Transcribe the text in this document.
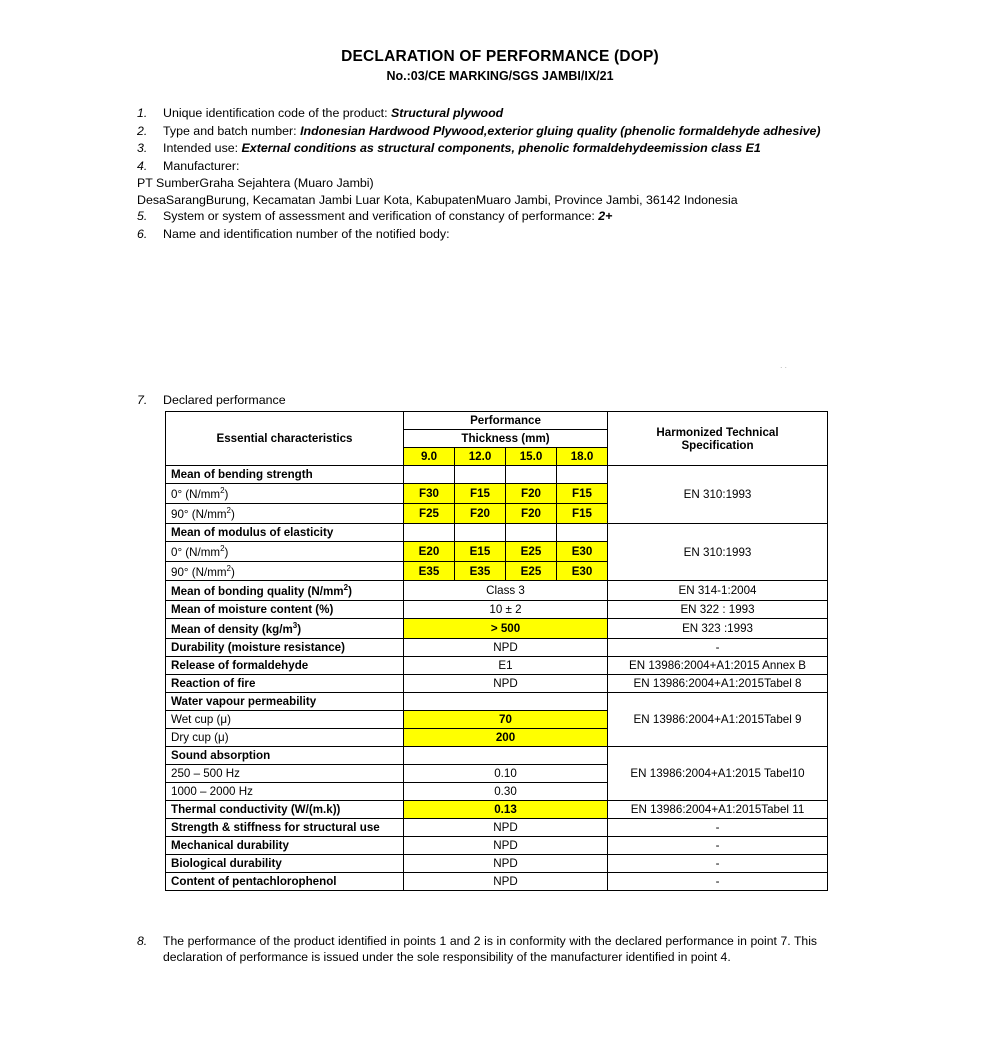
DECLARATION OF PERFORMANCE (DOP)
No.:03/CE MARKING/SGS JAMBI/IX/21
1.	Unique identification code of the product: Structural plywood
2.	Type and batch number: Indonesian Hardwood Plywood,exterior gluing quality (phenolic formaldehyde adhesive)
3.	Intended use: External conditions as structural components, phenolic formaldehydeemission class E1
4.	Manufacturer:
PT SumberGraha Sejahtera (Muaro Jambi)
DesaSarangBurung, Kecamatan Jambi Luar Kota, KabupatenMuaro Jambi, Province Jambi, 36142 Indonesia
5.	System or system of assessment and verification of constancy of performance: 2+
6.	Name and identification number of the notified body:
..
7. Declared performance
Essential characteristics	Performance				Harmonized Technical
Specification

	Thickness (mm)				
	9.0	12.0	15.0	18.0	
Mean of bending strength					EN 310:1993
0° $(N/mm^2)$	F30	F15	F20	F15	
90° $(N/mm^2)$	F25	F20	F20	F15	
Mean of modulus of elasticity					EN 310:1993
0° $(N/mm^2)$	E20	E15	E25	E30	
90° $(N/mm^2)$	E35	E35	E25	E30	
Mean of bonding quality $(N/mm^2)$	Class 3				EN 314-1:2004
Mean of moisture content (%)	10 ± 2				EN 322 : 1993
Mean of density $(kg/m^3)$	> 500				EN 323 :1993
Durability (moisture resistance)	NPD				-
Release of formaldehyde	E1				EN 13986:2004+A1:2015 Annex B
Reaction of fire	NPD				EN 13986:2004+A1:2015Tabel 8
Water vapour permeability					EN 13986:2004+A1:2015Tabel 9
Wet cup (μ)	70				
Dry cup (μ)	200				
Sound absorption					EN 13986:2004+A1:2015 Tabel10
250 – 500 Hz	0.10				
1000 – 2000 Hz	0.30				
Thermal conductivity (W/(m.k))	0.13				EN 13986:2004+A1:2015Tabel 11
Strength & stiffness for structural use	NPD				-
Mechanical durability	NPD				-
Biological durability	NPD				-
Content of pentachlorophenol	NPD				-
8.	The performance of the product identified in points 1 and 2 is in conformity with the declared performance in point 7. This declaration of performance is issued under the sole responsibility of the manufacturer identified in point 4.
